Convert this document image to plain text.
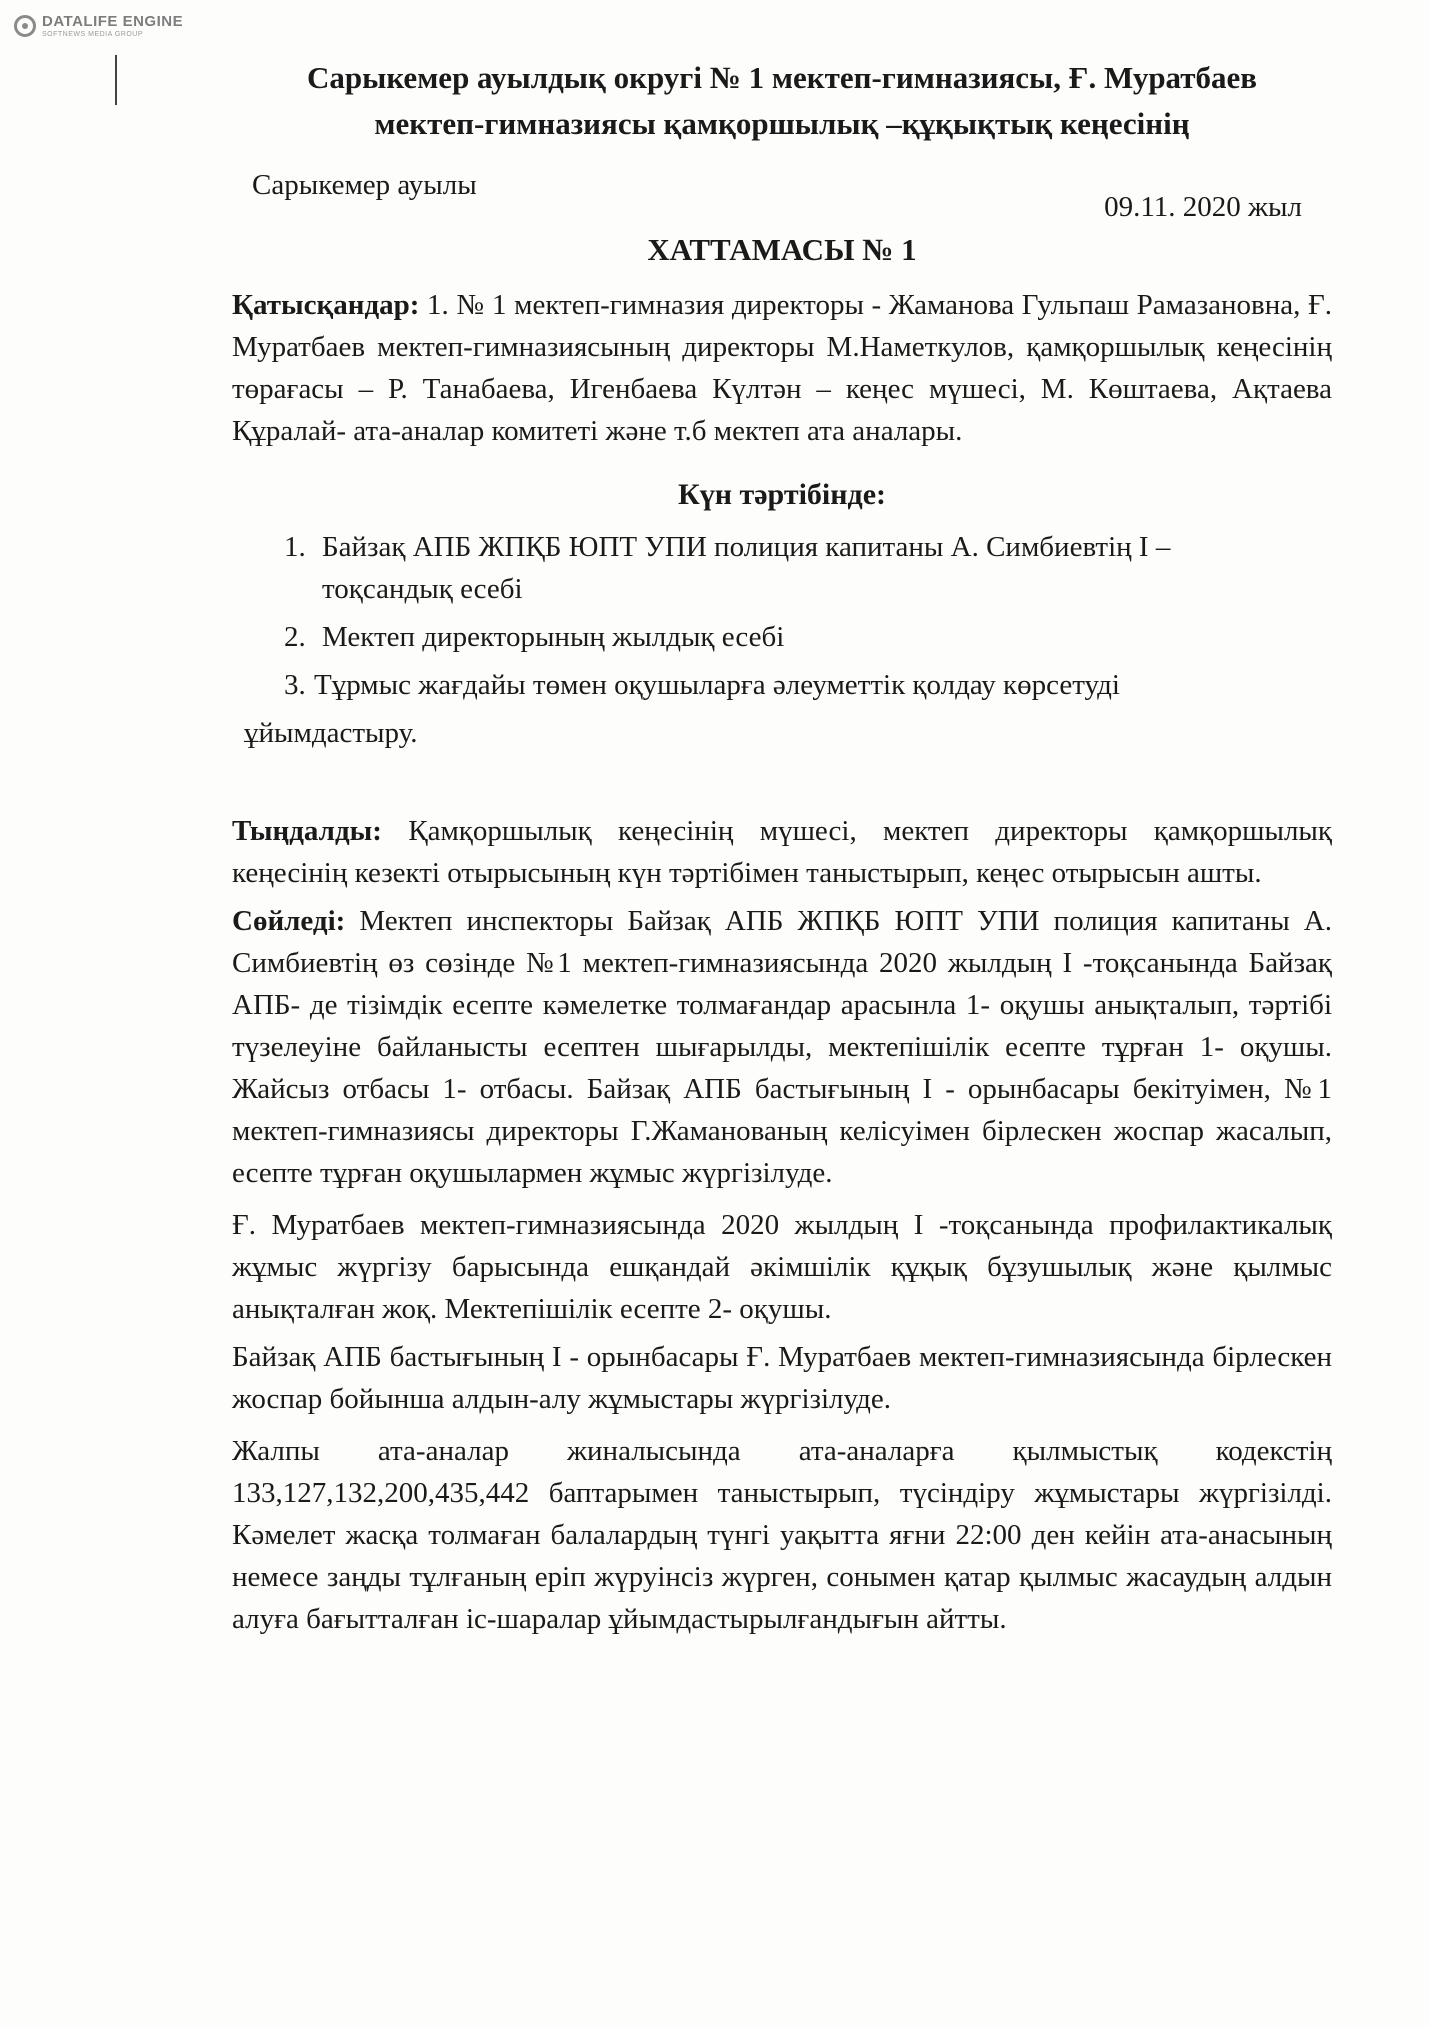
DATALIFE ENGINE
SOFTNEWS MEDIA GROUP
Сарыкемер ауылдық округі № 1 мектеп-гимназиясы, Ғ. Муратбаев
мектеп-гимназиясы қамқоршылық –құқықтық кеңесінің
Сарыкемер ауылы
09.11. 2020 жыл
ХАТТАМАСЫ № 1

Қатысқандар: 1. № 1 мектеп-гимназия директоры - Жаманова Гульпаш Рамазановна, Ғ. Муратбаев мектеп-гимназиясының директоры М.Наметкулов, қамқоршылық кеңесінің төрағасы – Р. Танабаева, Игенбаева Күлтән – кеңес мүшесі, М. Көштаева, Ақтаева Құралай- ата-аналар комитеті және т.б мектеп ата аналары.

Күн тәртібінде:
1. Байзақ АПБ ЖПҚБ ЮПТ УПИ полиция капитаны А. Симбиевтің І –
тоқсандық есебі
2. Мектеп директорының жылдық есебі
3. Тұрмыс жағдайы төмен оқушыларға әлеуметтік қолдау көрсетуді
ұйымдастыру.

Тыңдалды: Қамқоршылық кеңесінің мүшесі, мектеп директоры қамқоршылық кеңесінің кезекті отырысының күн тәртібімен таныстырып, кеңес отырысын ашты.

Сөйледі: Мектеп инспекторы Байзақ АПБ ЖПҚБ ЮПТ УПИ полиция капитаны А. Симбиевтің өз сөзінде №1 мектеп-гимназиясында 2020 жылдың І -тоқсанында Байзақ АПБ- де тізімдік есепте кәмелетке толмағандар арасынла 1- оқушы анықталып, тәртібі түзелеуіне байланысты есептен шығарылды, мектепішілік есепте тұрған 1- оқушы. Жайсыз отбасы 1- отбасы. Байзақ АПБ бастығының І - орынбасары бекітуімен, №1 мектеп-гимназиясы директоры Г.Жаманованың келісуімен бірлескен жоспар жасалып, есепте тұрған оқушылармен жұмыс жүргізілуде.

Ғ. Муратбаев мектеп-гимназиясында 2020 жылдың І -тоқсанында профилактикалық жұмыс жүргізу барысында ешқандай әкімшілік құқық бұзушылық және қылмыс анықталған жоқ. Мектепішілік есепте 2- оқушы.

Байзақ АПБ бастығының І - орынбасары Ғ. Муратбаев мектеп-гимназиясында бірлескен жоспар бойынша алдын-алу жұмыстары жүргізілуде.

Жалпы ата-аналар жиналысында ата-аналарға қылмыстық кодекстің 133,127,132,200,435,442 баптарымен таныстырып, түсіндіру жұмыстары жүргізілді. Кәмелет жасқа толмаған балалардың түнгі уақытта яғни 22:00 ден кейін ата-анасының немесе заңды тұлғаның еріп жүруінсіз жүрген, сонымен қатар қылмыс жасаудың алдын алуға бағытталған іс-шаралар ұйымдастырылғандығын айтты.
